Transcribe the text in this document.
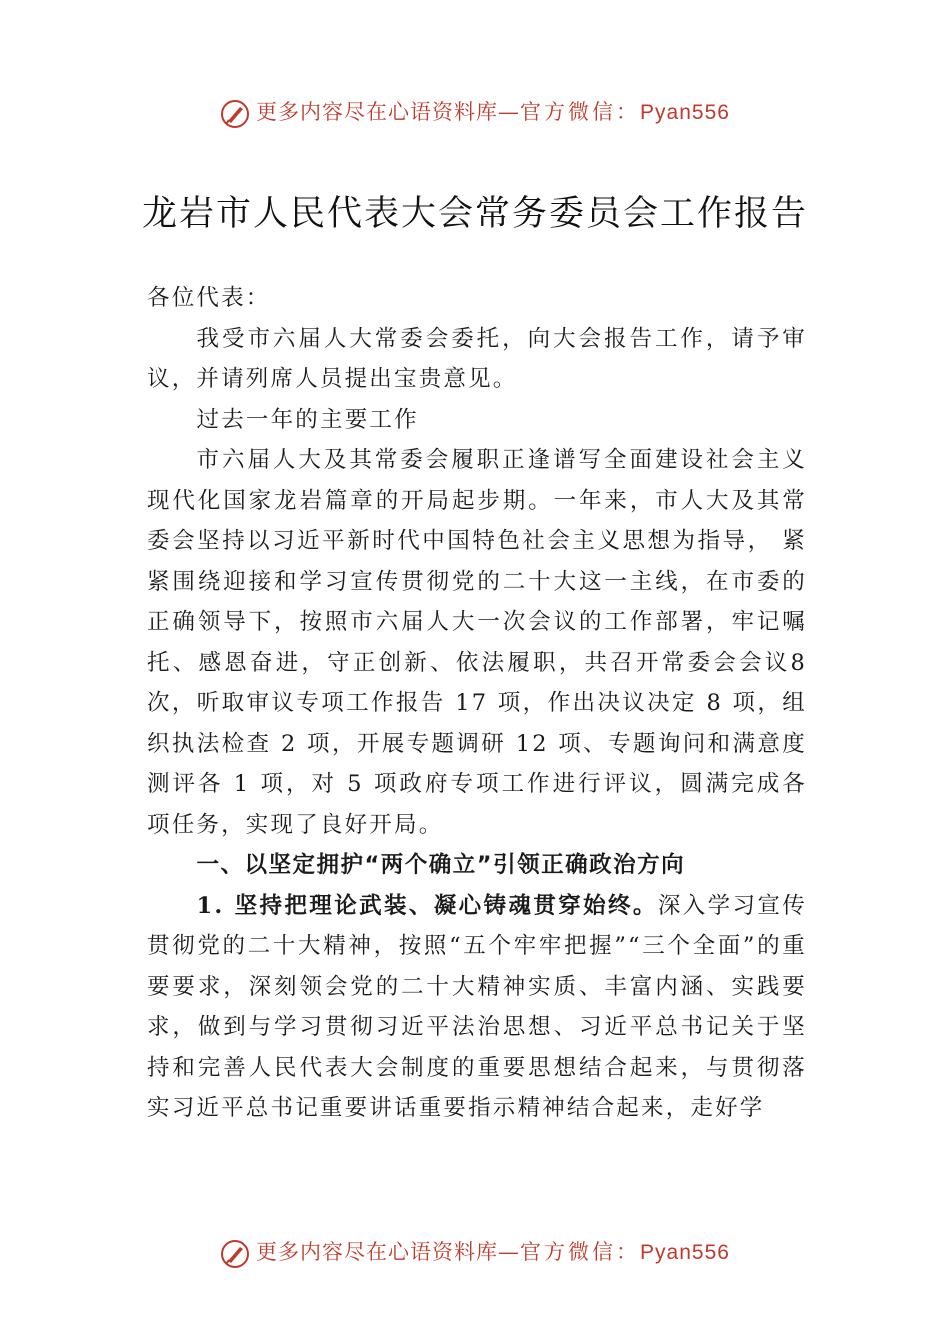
更多内容尽在心语资料库—官方微信：Pyan556
龙岩市人民代表大会常务委员会工作报告

各位代表：

我受市六届人大常委会委托，向大会报告工作，请予审议，并请列席人员提出宝贵意见。

过去一年的主要工作

市六届人大及其常委会履职正逢谱写全面建设社会主义现代化国家龙岩篇章的开局起步期。一年来，市人大及其常委会坚持以习近平新时代中国特色社会主义思想为指导， 紧紧围绕迎接和学习宣传贯彻党的二十大这一主线，在市委的正确领导下，按照市六届人大一次会议的工作部署，牢记嘱托、感恩奋进，守正创新、依法履职，共召开常委会会议8次，听取审议专项工作报告 17 项，作出决议决定 8 项，组织执法检查 2 项，开展专题调研 12 项、专题询问和满意度测评各 1 项，对 5 项政府专项工作进行评议，圆满完成各项任务，实现了良好开局。

一、以坚定拥护“两个确立”引领正确政治方向

1. 坚持把理论武装、凝心铸魂贯穿始终。深入学习宣传贯彻党的二十大精神，按照“五个牢牢把握”“三个全面”的重要要求，深刻领会党的二十大精神实质、丰富内涵、实践要求，做到与学习贯彻习近平法治思想、习近平总书记关于坚持和完善人民代表大会制度的重要思想结合起来，与贯彻落实习近平总书记重要讲话重要指示精神结合起来，走好学

更多内容尽在心语资料库—官方微信：Pyan556
